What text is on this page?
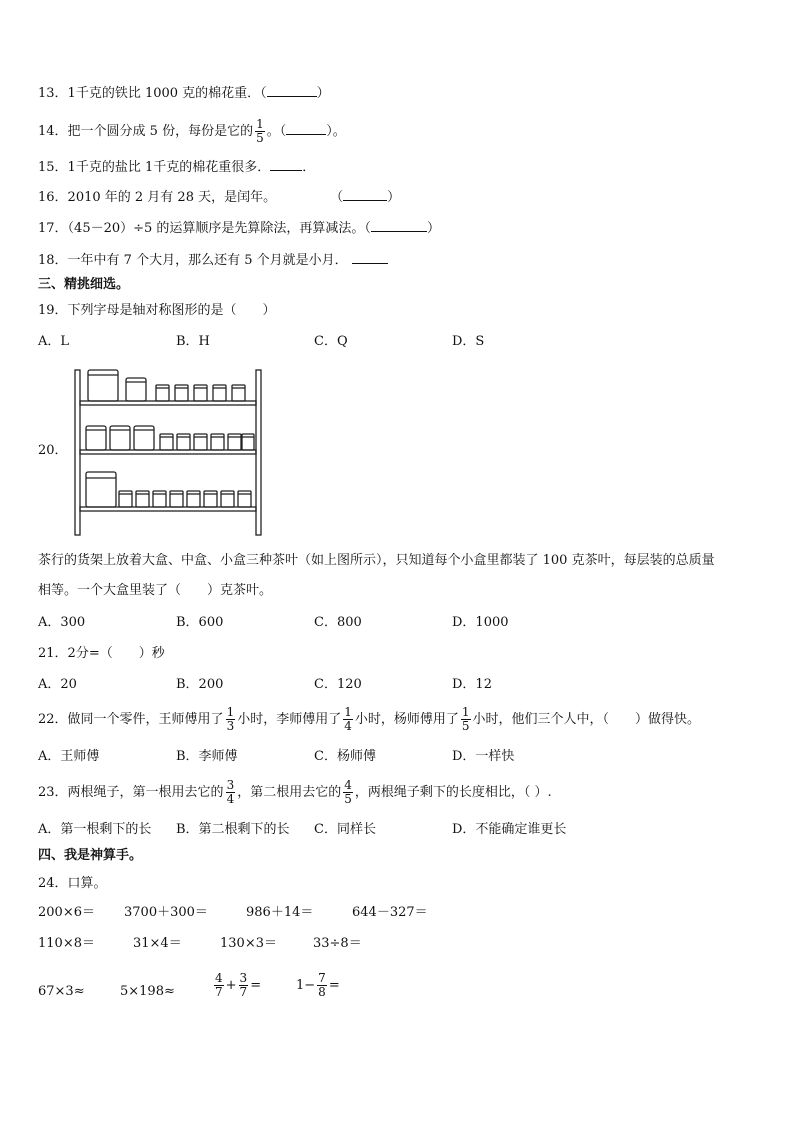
13．1千克的铁比 1000 克的棉花重．（	）
14．把一个圆分成 5 份，每份是它的 $\frac{1}{5}$ 。（	）。
15．1千克的盐比 1千克的棉花重很多． ．
16．2010 年的 2 月有 28 天，是闰年。	（	）
17．（45－20）÷5 的运算顺序是先算除法，再算减法。（	）
18．一年中有 7 个大月，那么还有 5 个月就是小月．
三、精挑细选。
19．下列字母是轴对称图形的是（　　）
A．L	B．H	C．Q	D．S
20．
茶行的货架上放着大盒、中盒、小盒三种茶叶（如上图所示），只知道每个小盒里都装了 100 克茶叶，每层装的总质量
相等。一个大盒里装了（　　）克茶叶。
A．300	B．600	C．800	D．1000
21．2分=（　　）秒
A．20	B．200	C．120	D．12
22．做同一个零件，王师傅用了 $\frac{1}{3}$ 小时，李师傅用了 $\frac{1}{4}$ 小时，杨师傅用了 $\frac{1}{5}$ 小时，他们三个人中，（　　）做得快。
A．王师傅	B．李师傅	C．杨师傅	D．一样快
23．两根绳子，第一根用去它的 $\frac{3}{4}$ ，第二根用去它的 $\frac{4}{5}$ ，两根绳子剩下的长度相比，（ ）.
A．第一根剩下的长 B．第二根剩下的长 C．同样长	D．不能确定谁更长
四、我是神算手。
24．口算。
200×6＝ 3700＋300＝	986＋14＝	644－327＝
110×8＝	31×4＝	130×3＝	33÷8＝
67×3≈	5×198≈	$\frac{4}{7} + \frac{3}{7}$ =	$1- \frac{7}{8}$ =
